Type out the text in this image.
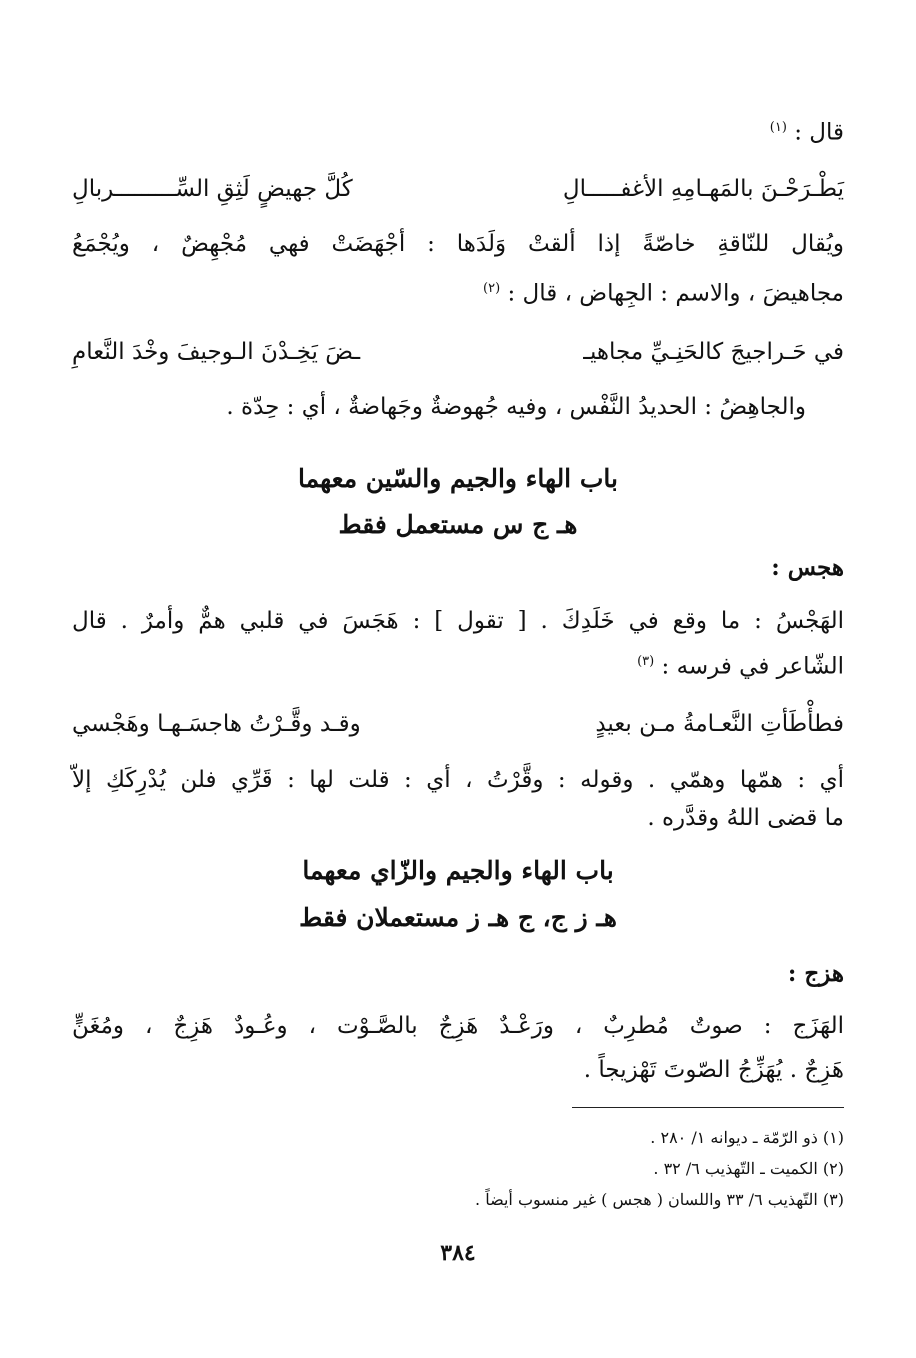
قال : $^{(١)}$
يَطْـرَحْـنَ بالمَهـامِهِ الأغفـــــالِ
كُلَّ جهيضٍ لَثِقِ السِّـــــــــربالِ
ويُقال للنّاقةِ خاصّةً إذا ألقتْ وَلَدَها : أجْهَضَتْ فهي مُجْهِضٌ ، ويُجْمَعُ
مجاهيضَ ، والاسم : الجِهاض ، قال : $^{(٢)}$
في حَـراجيجَ كالحَنِـيِّ مجاهيـ
ـضَ يَخِـدْنَ الـوجيفَ وخْدَ النَّعامِ
والجاهِضُ : الحديدُ النَّفْس ، وفيه جُهوضةٌ وجَهاضةٌ ، أي : حِدّة .
باب الهاء والجيم والسّين معهما
هـ ج س مستعمل فقط
هجس :
الهَجْسُ : ما وقع في خَلَدِكَ . [ تقول ] : هَجَسَ في قلبي همٌّ وأمرٌ . قال
الشّاعر في فرسه : $^{(٣)}$
فطأْطَأتِ النَّعـامةُ مـن بعيدٍ
وقـد وقَّـرْتُ هاجسَـهـا وهَجْسي
أي : همّها وهمّي . وقوله : وقَّرْتُ ، أي : قلت لها : قَرِّي فلن يُدْرِكَكِ إلاّ
ما قضى اللهُ وقدَّره .
باب الهاء والجيم والزّاي معهما
هـ ز ج، ج هـ ز مستعملان فقط
هزج :
الهَزَج : صوتٌ مُطرِبٌ ، ورَعْـدٌ هَزِجٌ بالصَّـوْت ، وعُـودٌ هَزِجٌ ، ومُغَنٍّ
هَزِجٌ . يُهَزِّجُ الصّوتَ تَهْزيجاً .
(١) ذو الرّمّة ـ ديوانه ١/ ٢٨٠ .
(٢) الكميت ـ التّهذيب ٦/ ٣٢ .
(٣) التّهذيب ٦/ ٣٣ واللسان ( هجس ) غير منسوب أيضاً .
٣٨٤
